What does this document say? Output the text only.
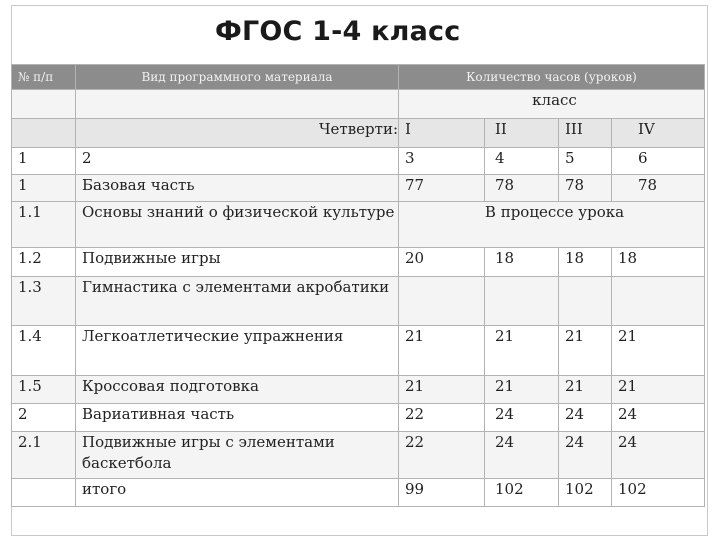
ФГОС 1-4 класс
№ п/п	Вид программного материала	Количество часов (уроков)			
		класс			
	Четверти:	I	II	III	IV
1	2	3	4	5	6
1	Базовая часть	77	78	78	78
1.1	Основы знаний о физической культуре	В процессе урока			
1.2	Подвижные игры	20	18	18	18
1.3	Гимнастика с элементами акробатики				
1.4	Легкоатлетические упражнения	21	21	21	21
1.5	Кроссовая подготовка	21	21	21	21
2	Вариативная часть	22	24	24	24
2.1	Подвижные игры с элементами баскетбола	22	24	24	24
	итого	99	102	102	102
